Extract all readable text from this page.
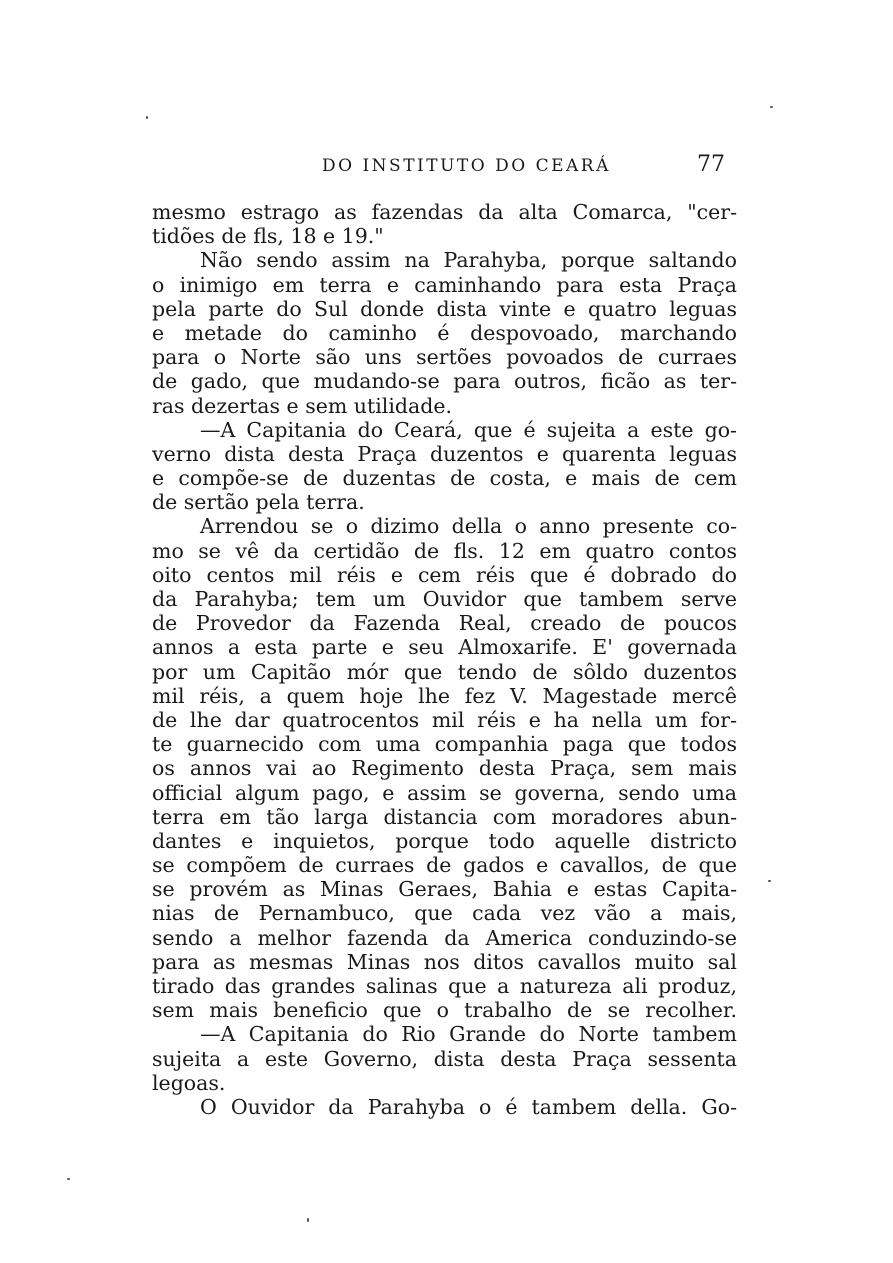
DO INSTITUTO DO CEARÁ	77
mesmo estrago as fazendas da alta Comarca, "cer-
tidões de fls, 18 e 19."
Não sendo assim na Parahyba, porque saltando
o inimigo em terra e caminhando para esta Praça
pela parte do Sul donde dista vinte e quatro leguas
e metade do caminho é despovoado, marchando
para o Norte são uns sertões povoados de curraes
de gado, que mudando-se para outros, ficão as ter-
ras dezertas e sem utilidade.
—A Capitania do Ceará, que é sujeita a este go-
verno dista desta Praça duzentos e quarenta leguas
e compõe-se de duzentas de costa, e mais de cem
de sertão pela terra.
Arrendou se o dizimo della o anno presente co-
mo se vê da certidão de fls. 12 em quatro contos
oito centos mil réis e cem réis que é dobrado do
da Parahyba; tem um Ouvidor que tambem serve
de Provedor da Fazenda Real, creado de poucos
annos a esta parte e seu Almoxarife. E' governada
por um Capitão mór que tendo de sôldo duzentos
mil réis, a quem hoje lhe fez V. Magestade mercê
de lhe dar quatrocentos mil réis e ha nella um for-
te guarnecido com uma companhia paga que todos
os annos vai ao Regimento desta Praça, sem mais
official algum pago, e assim se governa, sendo uma
terra em tão larga distancia com moradores abun-
dantes e inquietos, porque todo aquelle districto
se compõem de curraes de gados e cavallos, de que
se provém as Minas Geraes, Bahia e estas Capita-
nias de Pernambuco, que cada vez vão a mais,
sendo a melhor fazenda da America conduzindo-se
para as mesmas Minas nos ditos cavallos muito sal
tirado das grandes salinas que a natureza ali produz,
sem mais beneficio que o trabalho de se recolher.
—A Capitania do Rio Grande do Norte tambem
sujeita a este Governo, dista desta Praça sessenta
legoas.
O Ouvidor da Parahyba o é tambem della. Go-
